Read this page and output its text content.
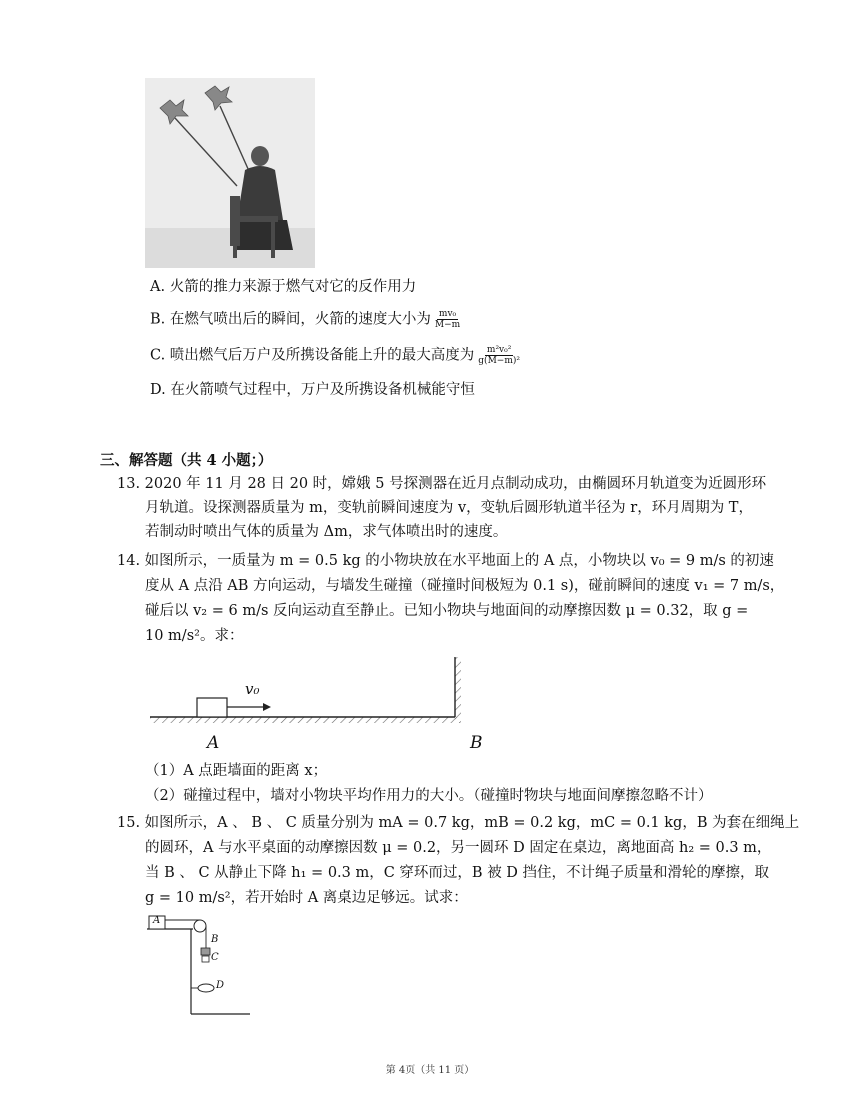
A. 火箭的推力来源于燃气对它的反作用力
B. 在燃气喷出后的瞬间，火箭的速度大小为 $\frac{\text{mv₀}}{M-m}$
C. 喷出燃气后万户及所携设备能上升的最大高度为 $\frac{\text{m²v₀²}}{\text{g(M−m)²}}$
D. 在火箭喷气过程中，万户及所携设备机械能守恒
三、解答题（共 4 小题；）
13. 2020 年 11 月 28 日 20 时，嫦娥 5 号探测器在近月点制动成功，由椭圆环月轨道变为近圆形环
月轨道。设探测器质量为 m，变轨前瞬间速度为 v，变轨后圆形轨道半径为 r，环月周期为 T，
若制动时喷出气体的质量为 Δm，求气体喷出时的速度。
14. 如图所示，一质量为 m = 0.5 kg 的小物块放在水平地面上的 A 点，小物块以 v₀ = 9 m/s 的初速
度从 A 点沿 AB 方向运动，与墙发生碰撞（碰撞时间极短为 0.1 s)，碰前瞬间的速度 v₁ = 7 m/s，
碰后以 v₂ = 6 m/s 反向运动直至静止。已知小物块与地面间的动摩擦因数 μ = 0.32，取 g =
10 m/s²。求：
v₀
A	B
（1）A 点距墙面的距离 x；
（2）碰撞过程中，墙对小物块平均作用力的大小。（碰撞时物块与地面间摩擦忽略不计）
15. 如图所示，A 、 B 、 C 质量分别为 mA = 0.7 kg，mB = 0.2 kg，mC = 0.1 kg，B 为套在细绳上
的圆环，A 与水平桌面的动摩擦因数 μ = 0.2，另一圆环 D 固定在桌边，离地面高 h₂ = 0.3 m，
当 B 、 C 从静止下降 h₁ = 0.3 m，C 穿环而过，B 被 D 挡住，不计绳子质量和滑轮的摩擦，取
g = 10 m/s²，若开始时 A 离桌边足够远。试求：
A
B
C
D
第 4页（共 11 页）
